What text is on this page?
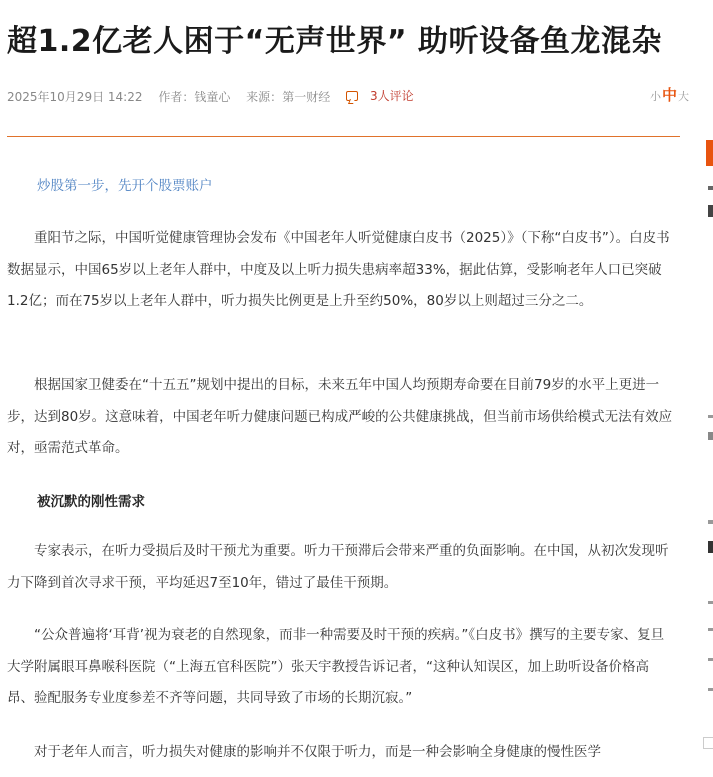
超1.2亿老人困于“无声世界” 助听设备鱼龙混杂
2025年10月29日 14:22 作者：钱童心 来源：第一财经	3人评论	小中大
炒股第一步，先开个股票账户

重阳节之际，中国听觉健康管理协会发布《中国老年人听觉健康白皮书（2025）》（下称“白皮书”）。白皮书数据显示，中国65岁以上老年人群中，中度及以上听力损失患病率超33%，据此估算，受影响老年人口已突破1.2亿；而在75岁以上老年人群中，听力损失比例更是上升至约50%，80岁以上则超过三分之二。

根据国家卫健委在“十五五”规划中提出的目标，未来五年中国人均预期寿命要在目前79岁的水平上更进一步，达到80岁。这意味着，中国老年听力健康问题已构成严峻的公共健康挑战，但当前市场供给模式无法有效应对，亟需范式革命。

被沉默的刚性需求

专家表示，在听力受损后及时干预尤为重要。听力干预滞后会带来严重的负面影响。在中国，从初次发现听力下降到首次寻求干预，平均延迟7至10年，错过了最佳干预期。

“公众普遍将‘耳背’视为衰老的自然现象，而非一种需要及时干预的疾病。”《白皮书》撰写的主要专家、复旦大学附属眼耳鼻喉科医院（“上海五官科医院”）张天宇教授告诉记者，“这种认知误区，加上助听设备价格高昂、验配服务专业度参差不齐等问题，共同导致了市场的长期沉寂。”

对于老年人而言，听力损失对健康的影响并不仅限于听力，而是一种会影响全身健康的慢性医学
